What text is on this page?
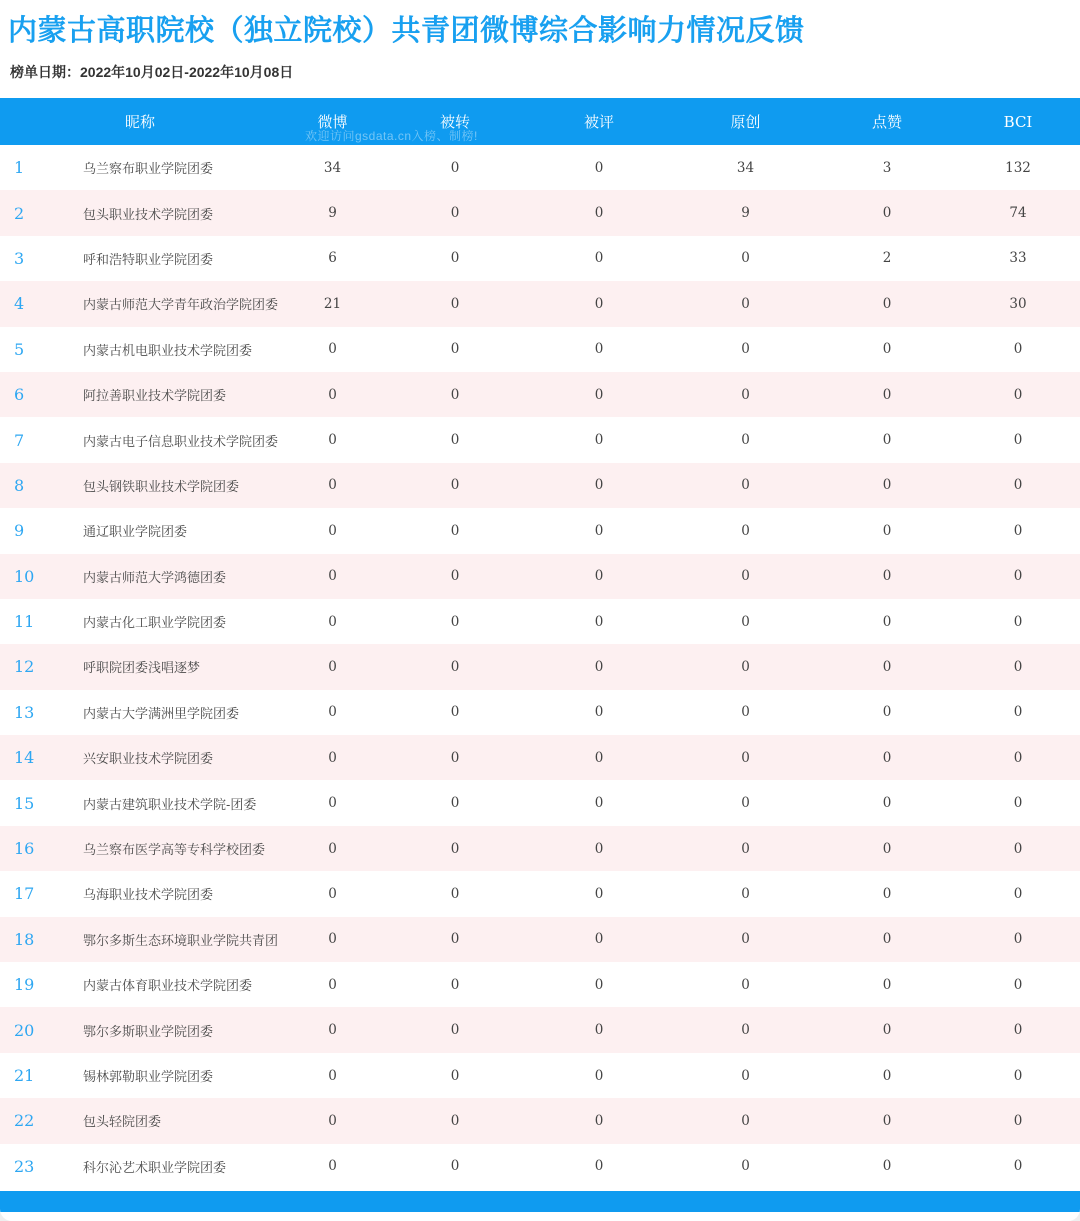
内蒙古高职院校（独立院校）共青团微博综合影响力情况反馈
榜单日期：2022年10月02日-2022年10月08日
昵称	微博	被转	被评	原创	点赞	BCI
欢迎访问gsdata.cn入榜、制榜!
1	乌兰察布职业学院团委	34	0	0	34	3	132
2	包头职业技术学院团委	9	0	0	9	0	74
3	呼和浩特职业学院团委	6	0	0	0	2	33
4	内蒙古师范大学青年政治学院团委	21	0	0	0	0	30
5	内蒙古机电职业技术学院团委	0	0	0	0	0	0
6	阿拉善职业技术学院团委	0	0	0	0	0	0
7	内蒙古电子信息职业技术学院团委	0	0	0	0	0	0
8	包头钢铁职业技术学院团委	0	0	0	0	0	0
9	通辽职业学院团委	0	0	0	0	0	0
10	内蒙古师范大学鸿德团委	0	0	0	0	0	0
11	内蒙古化工职业学院团委	0	0	0	0	0	0
12	呼职院团委浅唱逐梦	0	0	0	0	0	0
13	内蒙古大学满洲里学院团委	0	0	0	0	0	0
14	兴安职业技术学院团委	0	0	0	0	0	0
15	内蒙古建筑职业技术学院-团委	0	0	0	0	0	0
16	乌兰察布医学高等专科学校团委	0	0	0	0	0	0
17	乌海职业技术学院团委	0	0	0	0	0	0
18	鄂尔多斯生态环境职业学院共青团	0	0	0	0	0	0
19	内蒙古体育职业技术学院团委	0	0	0	0	0	0
20	鄂尔多斯职业学院团委	0	0	0	0	0	0
21	锡林郭勒职业学院团委	0	0	0	0	0	0
22	包头轻院团委	0	0	0	0	0	0
23	科尔沁艺术职业学院团委	0	0	0	0	0	0
